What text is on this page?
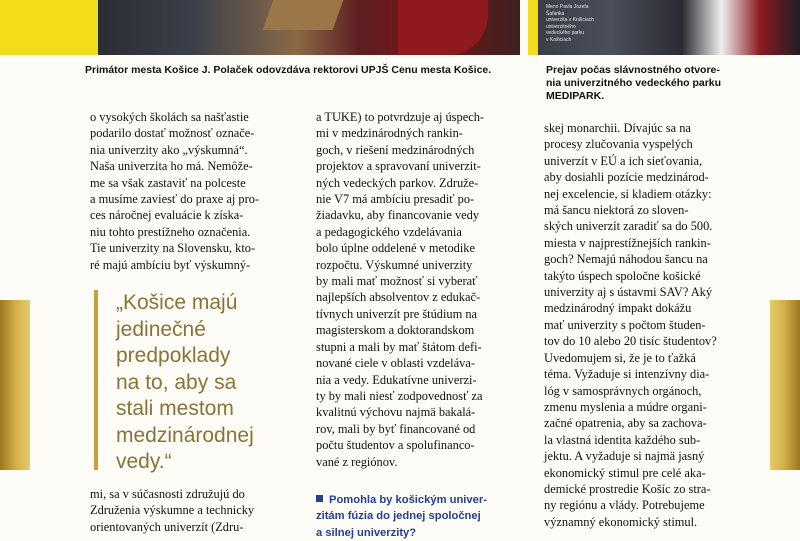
Meno Pavla Jozefa Šafárika
univerzita v Košiciach
univerzitného
vedeckého parku
v Košiciach
Primátor mesta Košice J. Polaček odovzdáva rektorovi UPJŠ Cenu mesta Košice.	Prejav počas slávnostného otvore-
nia univerzitného vedeckého parku
MEDIPARK.

o vysokých školách sa našťastie

podarilo dostať možnosť označe-

nia univerzity ako „výskumná“.

Naša univerzita ho má. Nemôže-

me sa však zastaviť na polceste

a musíme zaviesť do praxe aj pro-

ces náročnej evaluácie k získa-

niu tohto prestížneho označenia.

Tie univerzity na Slovensku, kto-

ré majú ambíciu byť výskumný-

„Košice majú

jedinečné

predpoklady

na to, aby sa

stali mestom

medzinárodnej

vedy.“

mi, sa v súčasnosti združujú do

Združenia výskumne a technicky

orientovaných univerzít (Zdru-

a TUKE) to potvrdzuje aj úspech-

mi v medzinárodných rankin-

goch, v riešení medzinárodných

projektov a spravovaní univerzit-

ných vedeckých parkov. Združe-

nie V7 má ambíciu presadiť po-

žiadavku, aby financovanie vedy

a pedagogického vzdelávania

bolo úplne oddelené v metodike

rozpočtu. Výskumné univerzity

by mali mať možnosť si vyberať

najlepších absolventov z edukač-

tívnych univerzít pre štúdium na

magisterskom a doktorandskom

stupni a mali by mať štátom defi-

nované ciele v oblasti vzdeláva-

nia a vedy. Edukatívne univerzi-

ty by mali niesť zodpovednosť za

kvalitnú výchovu najmä bakalá-

rov, mali by byť financované od

počtu študentov a spolufinanco-

vané z regiónov.

Pomohla by košickým univer-

zitám fúzia do jednej spoločnej

a silnej univerzity?

skej monarchii. Dívajúc sa na

procesy zlučovania vyspelých

univerzít v EÚ a ich sieťovania,

aby dosiahli pozície medzinárod-

nej excelencie, si kladiem otázky:

má šancu niektorá zo sloven-

ských univerzít zaradiť sa do 500.

miesta v najprestížnejších rankin-

goch? Nemajú náhodou šancu na

takýto úspech spoločne košické

univerzity aj s ústavmi SAV? Aký

medzinárodný impakt dokážu

mať univerzity s počtom študen-

tov do 10 alebo 20 tisíc študentov?

Uvedomujem si, že je to ťažká

téma. Vyžaduje si intenzívny dia-

lóg v samosprávnych orgánoch,

zmenu myslenia a múdre organi-

začné opatrenia, aby sa zachova-

la vlastná identita každého sub-

jektu. A vyžaduje si najmä jasný

ekonomický stimul pre celé aka-

demické prostredie Košíc zo stra-

ny regiónu a vlády. Potrebujeme

významný ekonomický stimul.
